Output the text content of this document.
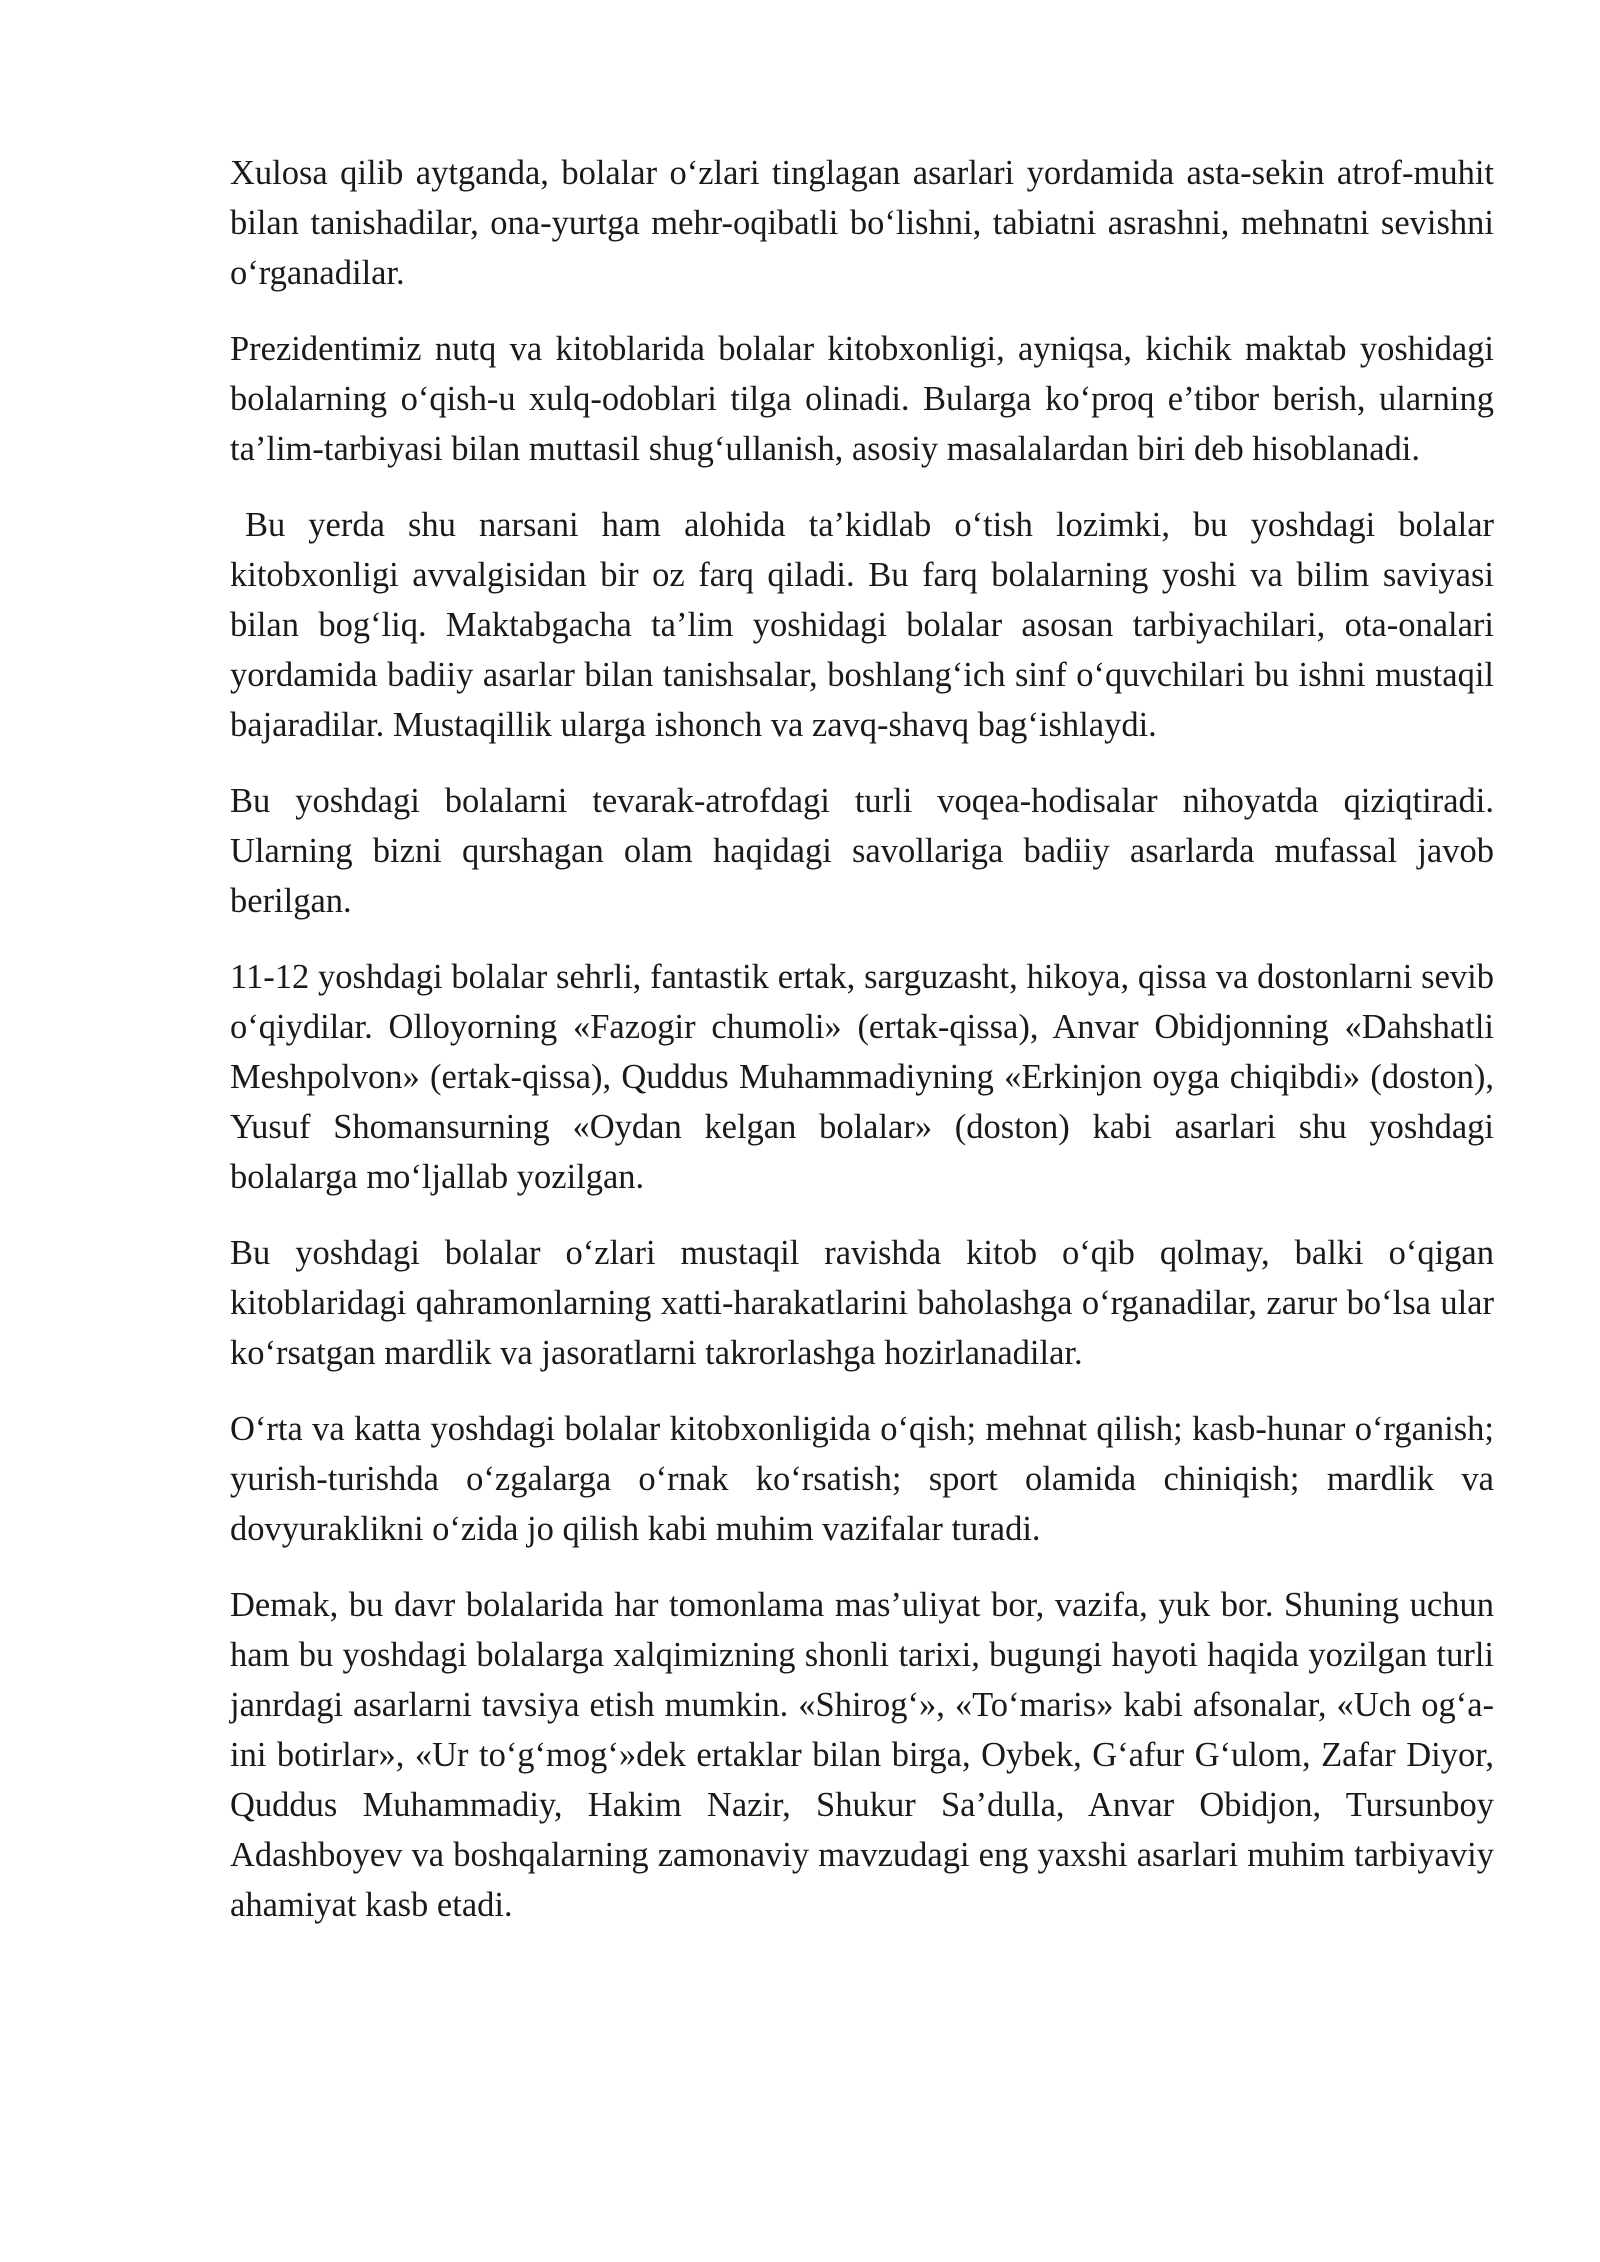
Xulosa qilib aytganda, bolalar o‘zlari tinglagan asarlari yordamida asta-sekin atrof-muhit bilan tanishadilar, ona-yurtga mehr-oqibatli bo‘lishni, tabiatni asrashni, mehnatni sevishni o‘rganadilar.

Prezidentimiz nutq va kitoblarida bolalar kitobxonligi, ayniqsa, kichik maktab yoshidagi bolalarning o‘qish-u xulq-odoblari tilga olinadi. Bularga ko‘proq e’tibor berish, ularning ta’lim-tarbiyasi bilan muttasil shug‘ullanish, asosiy masalalardan biri deb hisoblanadi.

Bu yerda shu narsani ham alohida ta’kidlab o‘tish lozimki, bu yoshdagi bolalar kitobxonligi avvalgisidan bir oz farq qiladi. Bu farq bolalarning yoshi va bilim saviyasi bilan bog‘liq. Maktabgacha ta’lim yoshidagi bolalar asosan tarbiyachilari, ota-onalari yordamida badiiy asarlar bilan tanishsalar, boshlang‘ich sinf o‘quvchilari bu ishni mustaqil bajaradilar. Mustaqillik ularga ishonch va zavq-shavq bag‘ishlaydi.

Bu yoshdagi bolalarni tevarak-atrofdagi turli voqea-hodisalar nihoyatda qiziqtiradi. Ularning bizni qurshagan olam haqidagi savollariga badiiy asarlarda mufassal javob berilgan.

11-12 yoshdagi bolalar sehrli, fantastik ertak, sarguzasht, hikoya, qissa va dostonlarni sevib o‘qiydilar. Olloyorning «Fazogir chumoli» (ertak-qissa), Anvar Obidjonning «Dahshatli Meshpolvon» (ertak-qissa), Quddus Muhammadiyning «Erkinjon oyga chiqibdi» (doston), Yusuf Shomansurning «Oydan kelgan bolalar» (doston) kabi asarlari shu yoshdagi bolalarga mo‘ljallab yozilgan.

Bu yoshdagi bolalar o‘zlari mustaqil ravishda kitob o‘qib qolmay, balki o‘qigan kitoblaridagi qahramonlarning xatti-harakatlarini baholashga o‘rganadilar, zarur bo‘lsa ular ko‘rsatgan mardlik va jasoratlarni takrorlashga hozirlanadilar.

O‘rta va katta yoshdagi bolalar kitobxonligida o‘qish; mehnat qilish; kasb-hunar o‘rganish; yurish-turishda o‘zgalarga o‘rnak ko‘rsatish; sport olamida chiniqish; mardlik va dovyuraklikni o‘zida jo qilish kabi muhim vazifalar turadi.

Demak, bu davr bolalarida har tomonlama mas’uliyat bor, vazifa, yuk bor. Shuning uchun ham bu yoshdagi bolalarga xalqimizning shonli tarixi, bugungi hayoti haqida yozilgan turli janrdagi asarlarni tavsiya etish mumkin. «Shirog‘», «To‘maris» kabi afsonalar, «Uch og‘a-ini botirlar», «Ur to‘g‘mog‘»dek ertaklar bilan birga, Oybek, G‘afur G‘ulom, Zafar Diyor, Quddus Muhammadiy, Hakim Nazir, Shukur Sa’dulla, Anvar Obidjon, Tursunboy Adashboyev va boshqalarning zamonaviy mavzudagi eng yaxshi asarlari muhim tarbiyaviy ahamiyat kasb etadi.
